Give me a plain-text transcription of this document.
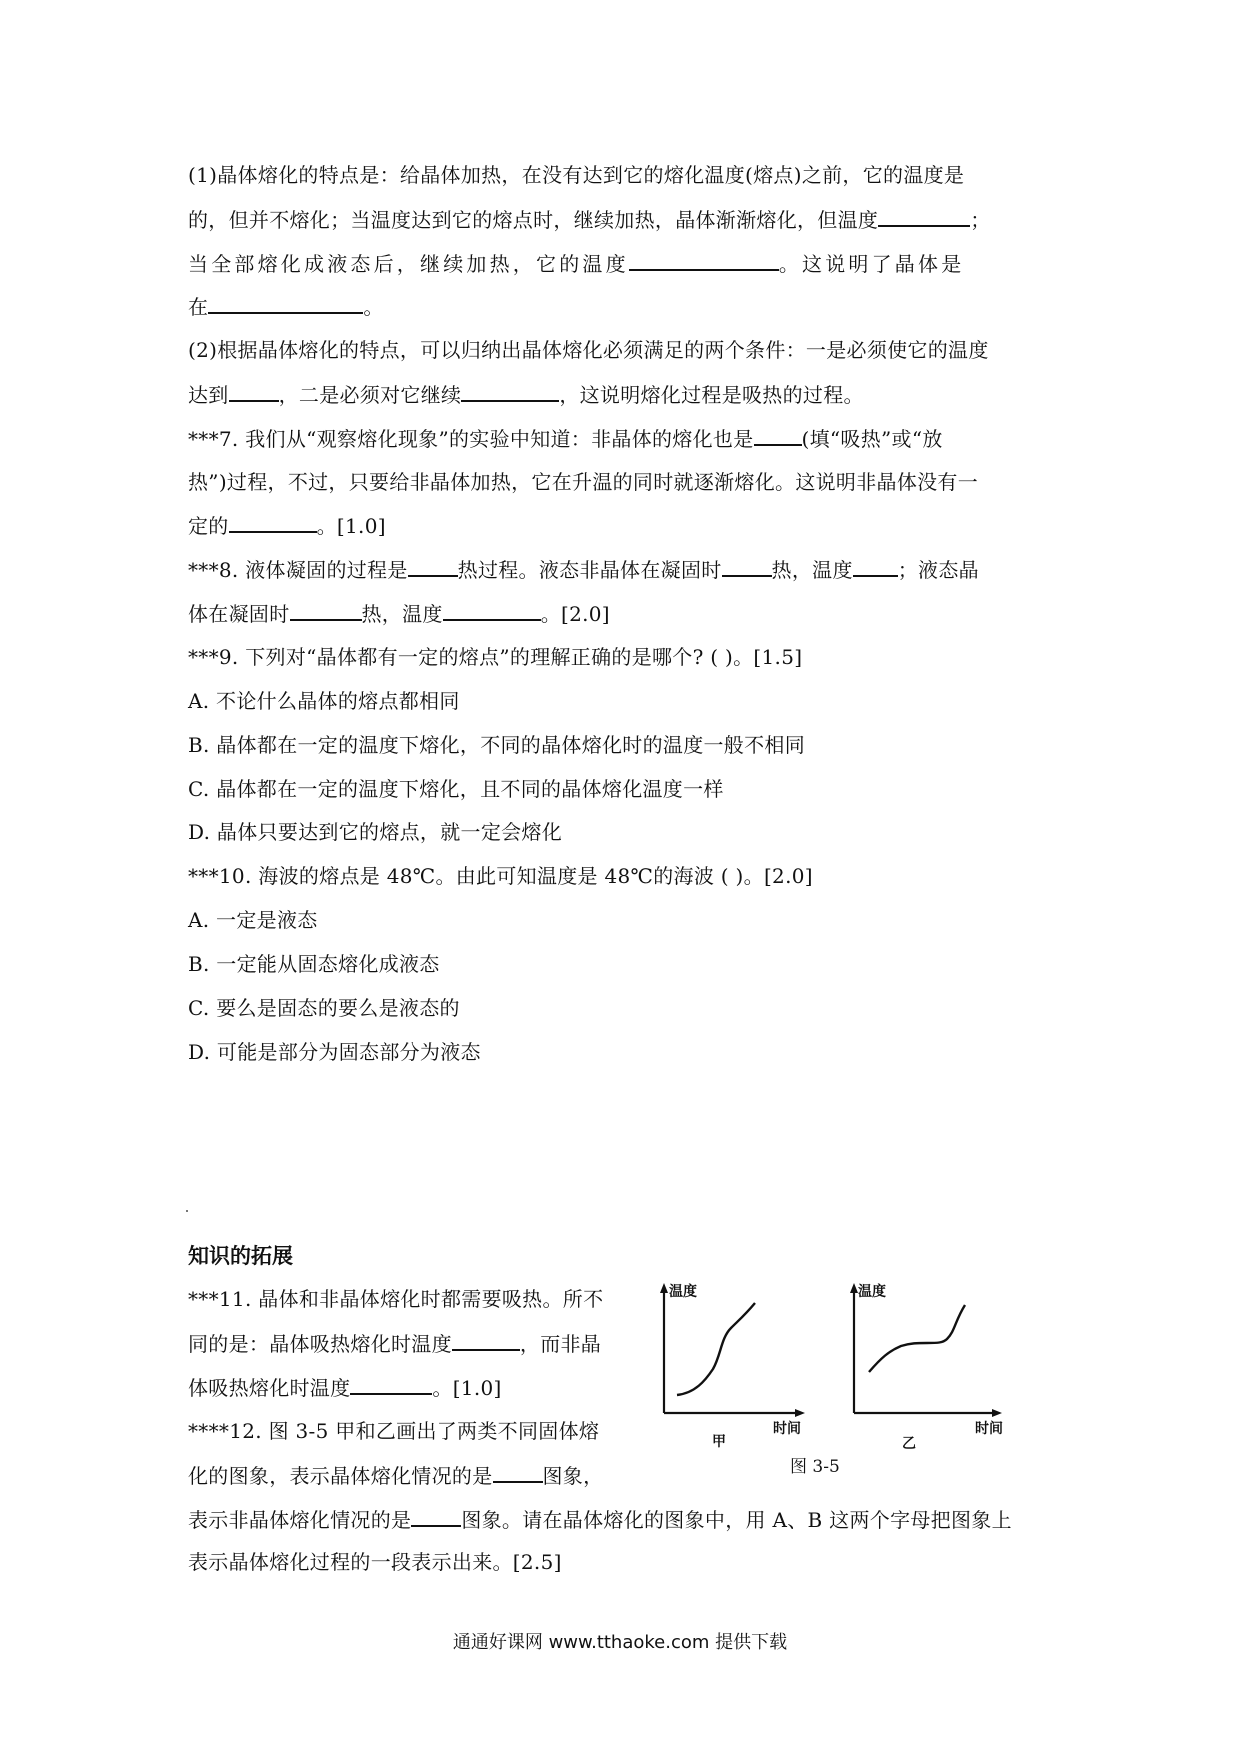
(1)晶体熔化的特点是：给晶体加热，在没有达到它的熔化温度(熔点)之前，它的温度是
的，但并不熔化；当温度达到它的熔点时，继续加热，晶体渐渐熔化，但温度	；
当全部熔化成液态后，继续加热，它的温度	。这说明了晶体是
在	。
(2)根据晶体熔化的特点，可以归纳出晶体熔化必须满足的两个条件：一是必须使它的温度
达到	，二是必须对它继续	，这说明熔化过程是吸热的过程。
***7. 我们从“观察熔化现象”的实验中知道：非晶体的熔化也是 (填“吸热”或“放
热”)过程，不过，只要给非晶体加热，它在升温的同时就逐渐熔化。这说明非晶体没有一
定的	。[1.0]
***8. 液体凝固的过程是	热过程。液态非晶体在凝固时	热，温度 ；液态晶
体在凝固时	热，温度	。[2.0]
***9. 下列对“晶体都有一定的熔点”的理解正确的是哪个? ( )。[1.5]
A. 不论什么晶体的熔点都相同
B. 晶体都在一定的温度下熔化，不同的晶体熔化时的温度一般不相同
C. 晶体都在一定的温度下熔化，且不同的晶体熔化温度一样
D. 晶体只要达到它的熔点，就一定会熔化
***10. 海波的熔点是 48℃。由此可知温度是 48℃的海波 ( )。[2.0]
A. 一定是液态
B. 一定能从固态熔化成液态
C. 要么是固态的要么是液态的
D. 可能是部分为固态部分为液态
知识的拓展
***11. 晶体和非晶体熔化时都需要吸热。所不
同的是：晶体吸热熔化时温度	，而非晶
体吸热熔化时温度	。[1.0]
****12. 图 3-5 甲和乙画出了两类不同固体熔
化的图象，表示晶体熔化情况的是	图象，
表示非晶体熔化情况的是	图象。请在晶体熔化的图象中，用 A、B 这两个字母把图象上
表示晶体熔化过程的一段表示出来。[2.5]
温度
时间
甲
温度
时间
乙
图 3-5
通通好课网 www.tthaoke.com 提供下载
